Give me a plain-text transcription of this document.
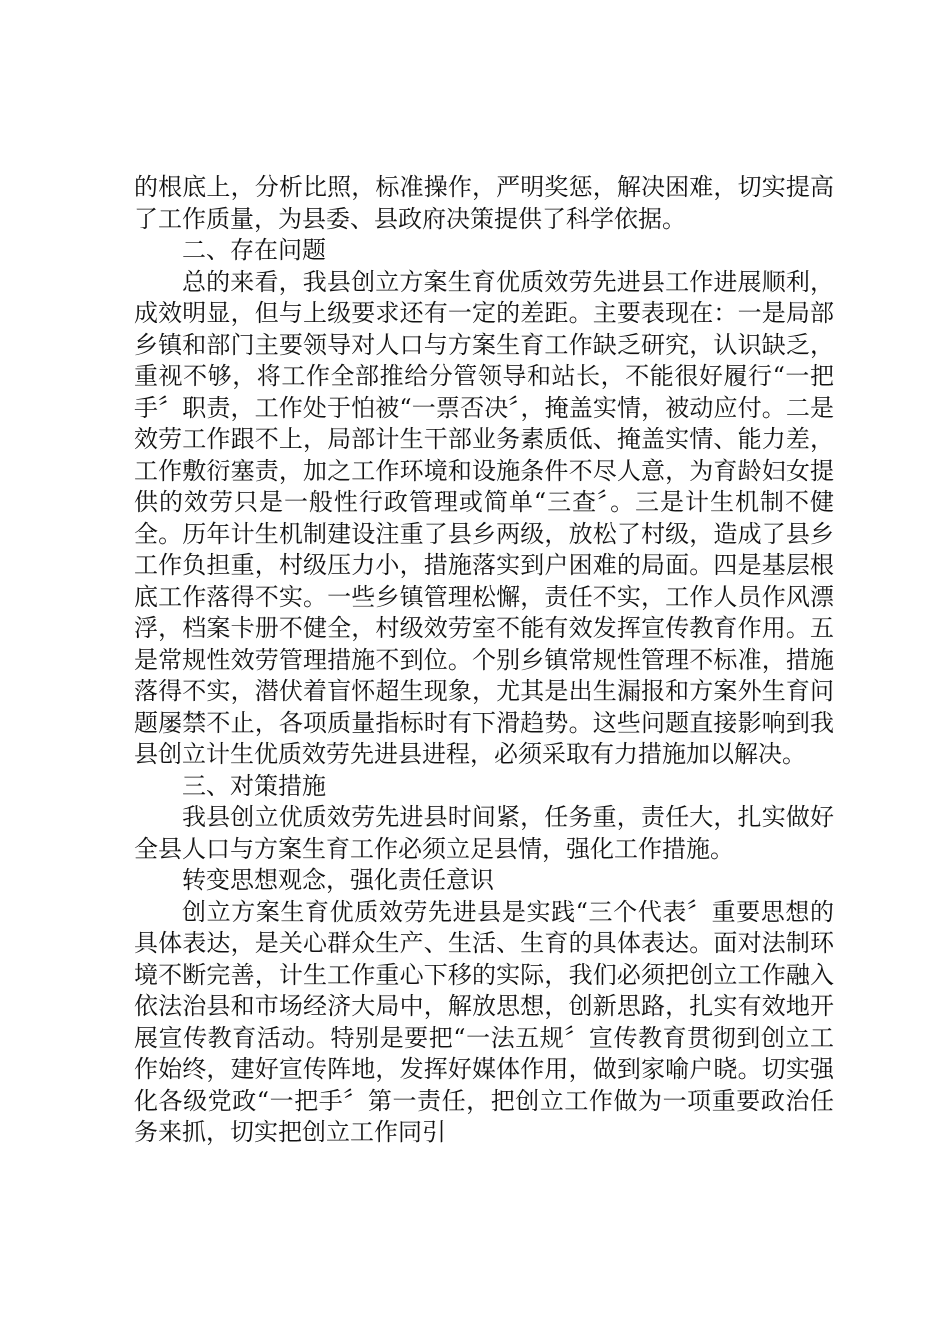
的根底上，分析比照，标准操作，严明奖惩，解决困难，切实提高了工作质量，为县委、县政府决策提供了科学依据。

二、存在问题

总的来看，我县创立方案生育优质效劳先进县工作进展顺利，成效明显，但与上级要求还有一定的差距。主要表现在：一是局部乡镇和部门主要领导对人口与方案生育工作缺乏研究，认识缺乏，重视不够，将工作全部推给分管领导和站长，不能很好履行“一把手〞职责，工作处于怕被“一票否决〞，掩盖实情，被动应付。二是效劳工作跟不上，局部计生干部业务素质低、掩盖实情、能力差，工作敷衍塞责，加之工作环境和设施条件不尽人意，为育龄妇女提供的效劳只是一般性行政管理或简单“三查〞。三是计生机制不健全。历年计生机制建设注重了县乡两级，放松了村级，造成了县乡工作负担重，村级压力小，措施落实到户困难的局面。四是基层根底工作落得不实。一些乡镇管理松懈，责任不实，工作人员作风漂浮，档案卡册不健全，村级效劳室不能有效发挥宣传教育作用。五是常规性效劳管理措施不到位。个别乡镇常规性管理不标准，措施落得不实，潜伏着盲怀超生现象，尤其是出生漏报和方案外生育问题屡禁不止，各项质量指标时有下滑趋势。这些问题直接影响到我县创立计生优质效劳先进县进程，必须采取有力措施加以解决。

三、对策措施

我县创立优质效劳先进县时间紧，任务重，责任大，扎实做好全县人口与方案生育工作必须立足县情，强化工作措施。

转变思想观念，强化责任意识

创立方案生育优质效劳先进县是实践“三个代表〞重要思想的具体表达，是关心群众生产、生活、生育的具体表达。面对法制环境不断完善，计生工作重心下移的实际，我们必须把创立工作融入依法治县和市场经济大局中，解放思想，创新思路，扎实有效地开展宣传教育活动。特别是要把“一法五规〞宣传教育贯彻到创立工作始终，建好宣传阵地，发挥好媒体作用，做到家喻户晓。切实强化各级党政“一把手〞第一责任，把创立工作做为一项重要政治任务来抓，切实把创立工作同引
